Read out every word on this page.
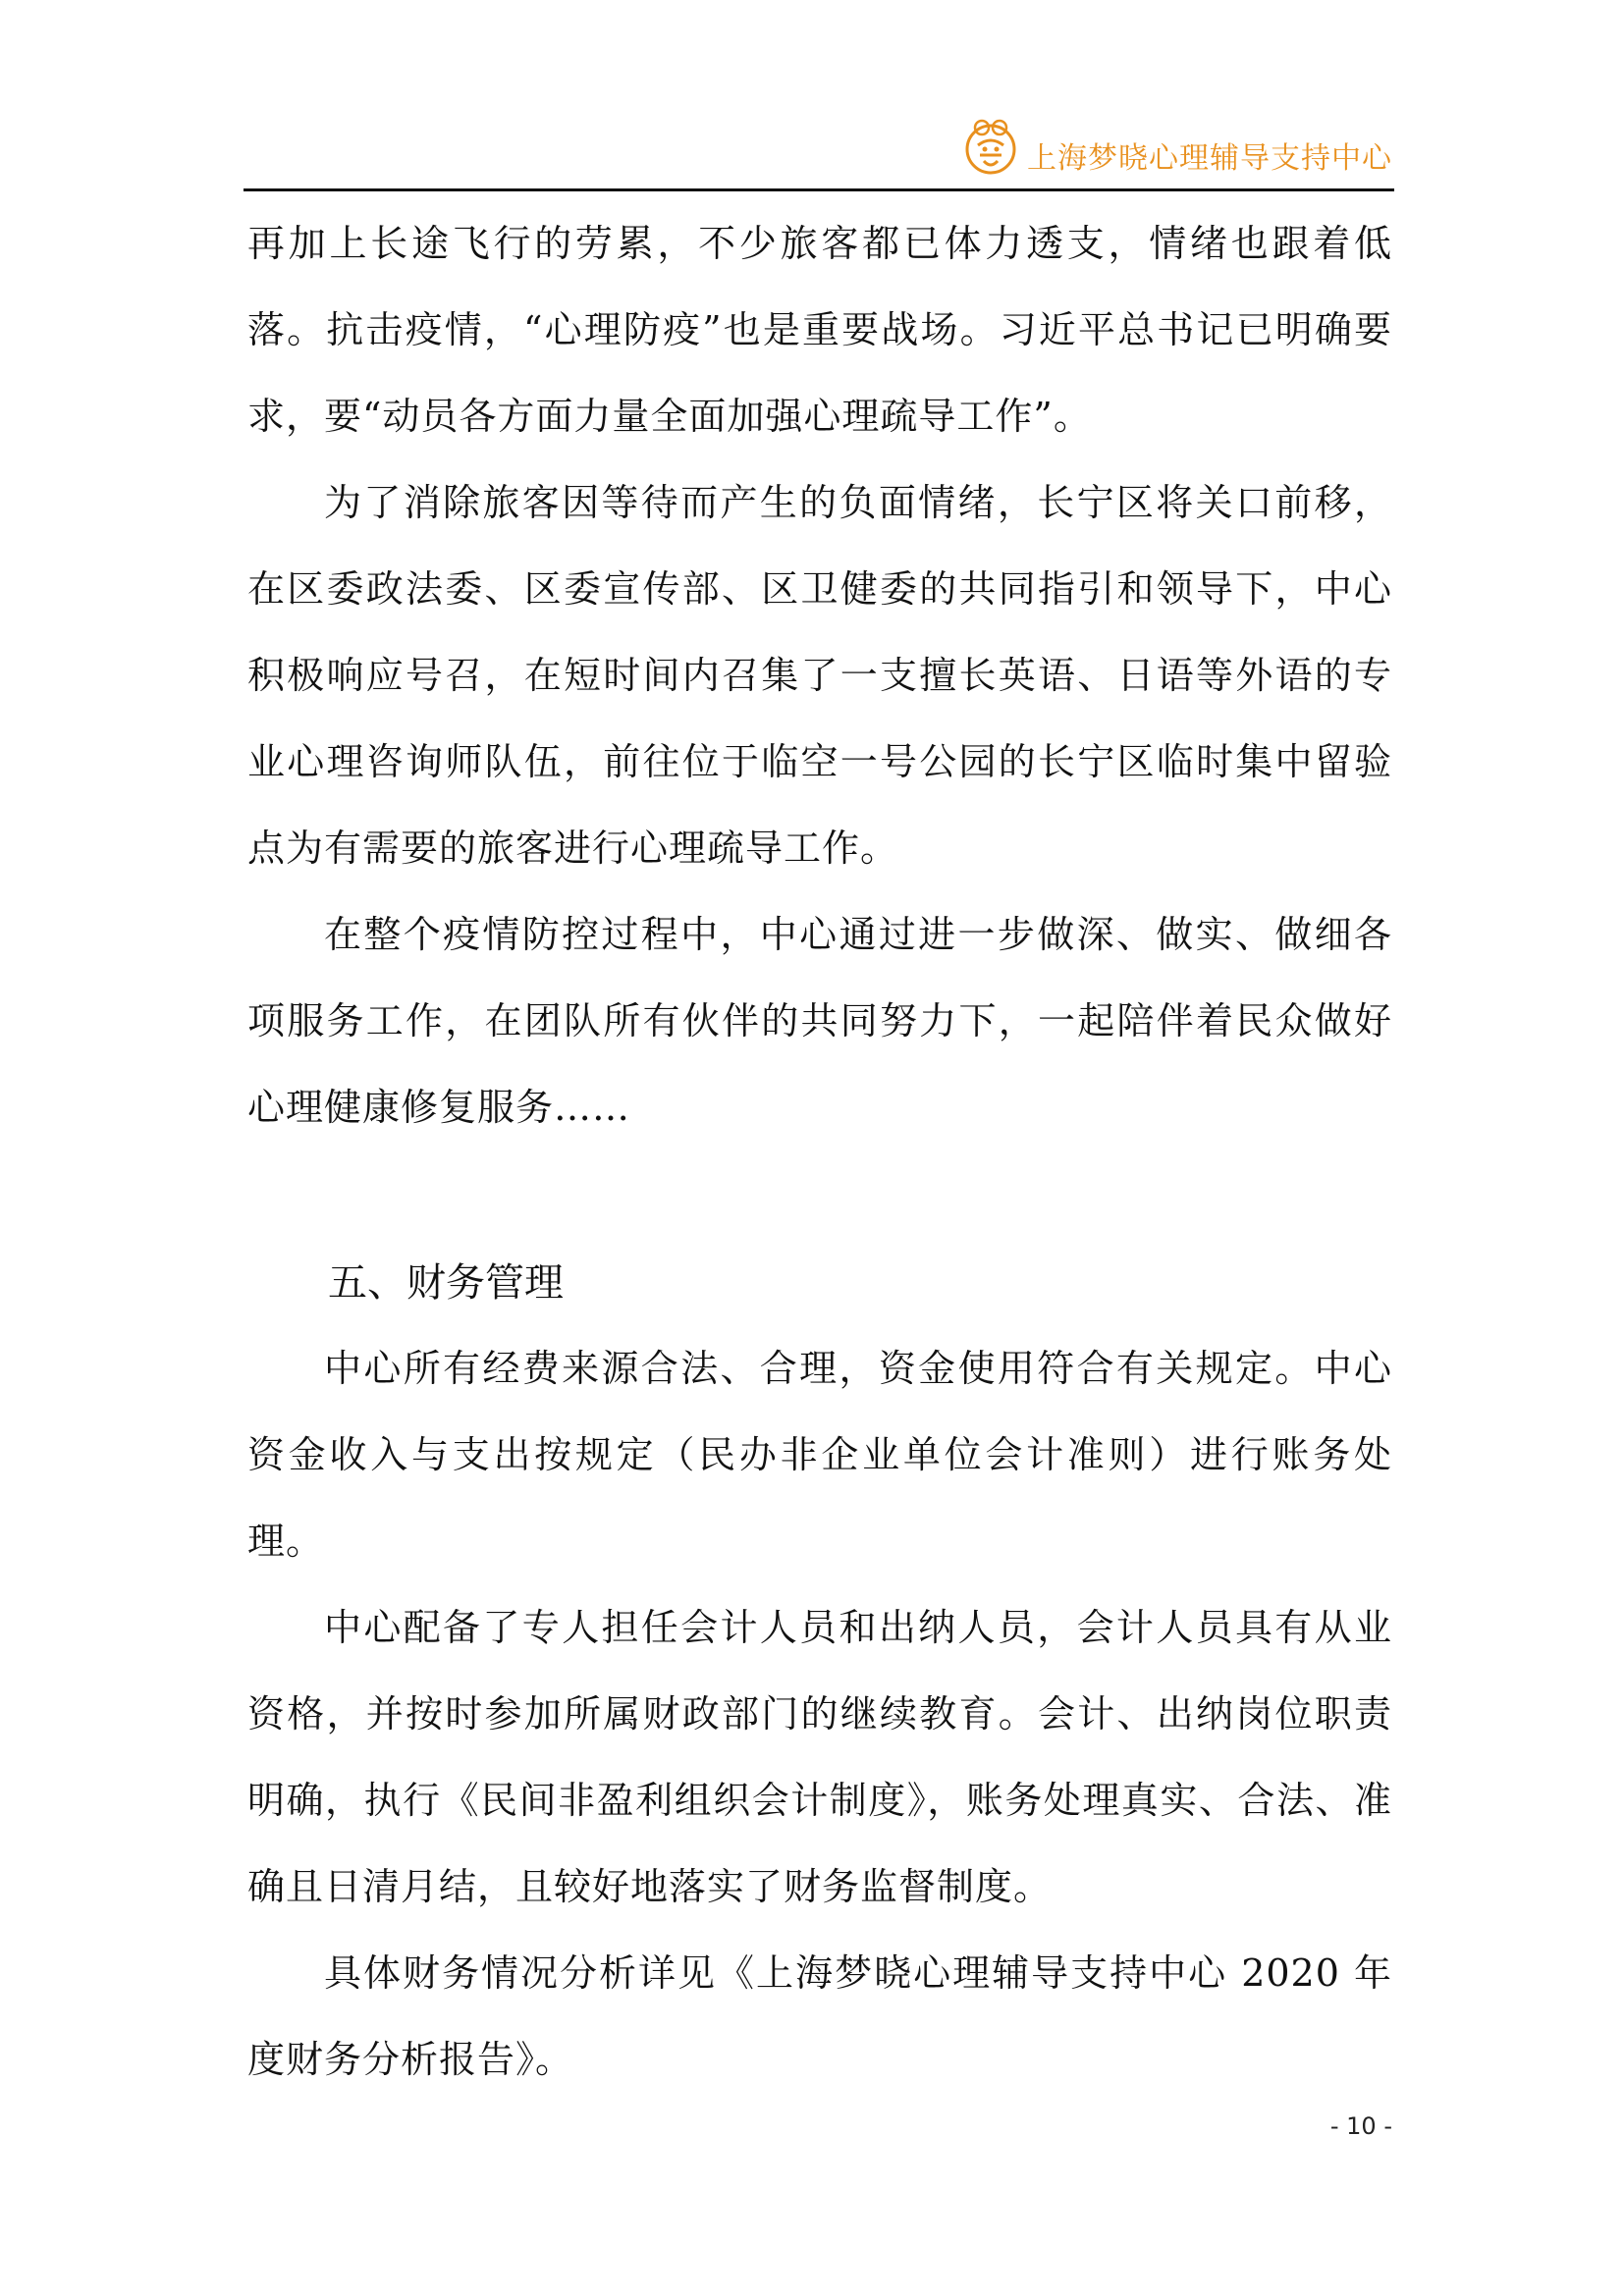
上海梦晓心理辅导支持中心

再加上长途飞行的劳累，不少旅客都已体力透支，情绪也跟着低落。抗击疫情，“心理防疫”也是重要战场。习近平总书记已明确要求，要“动员各方面力量全面加强心理疏导工作”。

为了消除旅客因等待而产生的负面情绪，长宁区将关口前移，在区委政法委、区委宣传部、区卫健委的共同指引和领导下，中心积极响应号召，在短时间内召集了一支擅长英语、日语等外语的专业心理咨询师队伍，前往位于临空一号公园的长宁区临时集中留验点为有需要的旅客进行心理疏导工作。

在整个疫情防控过程中，中心通过进一步做深、做实、做细各项服务工作，在团队所有伙伴的共同努力下，一起陪伴着民众做好心理健康修复服务……

五、财务管理

中心所有经费来源合法、合理，资金使用符合有关规定。中心资金收入与支出按规定（民办非企业单位会计准则）进行账务处理。

中心配备了专人担任会计人员和出纳人员，会计人员具有从业资格，并按时参加所属财政部门的继续教育。会计、出纳岗位职责明确，执行《民间非盈利组织会计制度》，账务处理真实、合法、准确且日清月结，且较好地落实了财务监督制度。

具体财务情况分析详见《上海梦晓心理辅导支持中心 2020 年度财务分析报告》。

- 10 -
